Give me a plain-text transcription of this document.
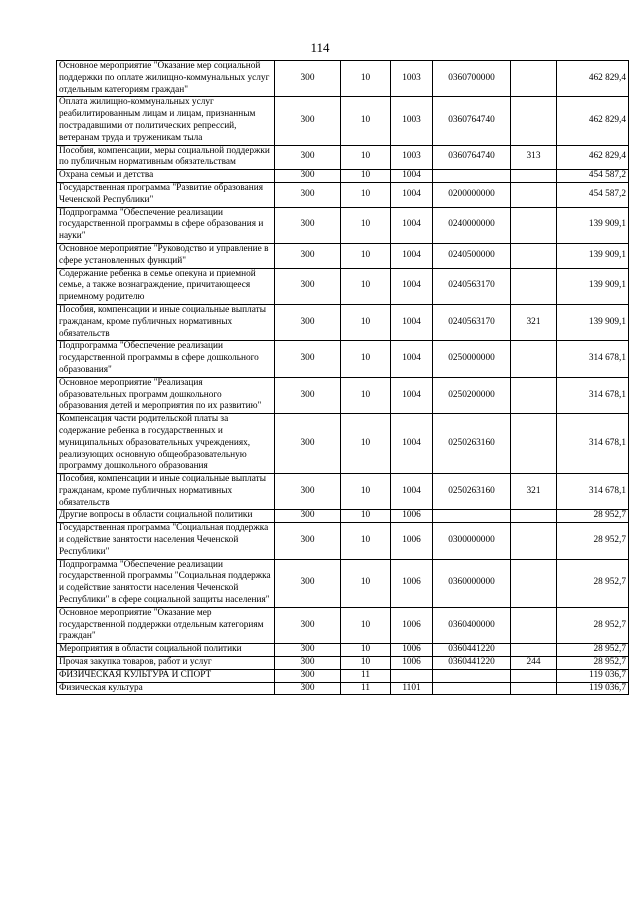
114
Основное мероприятие "Оказание мер социальной поддержки по оплате жилищно-коммунальных услуг отдельным категориям граждан"	300	10	1003	0360700000		462 829,4
Оплата жилищно-коммунальных услуг реабилитированным лицам и лицам, признанным пострадавшими от политических репрессий, ветеранам труда и труженикам тыла	300	10	1003	0360764740		462 829,4
Пособия, компенсации, меры социальной поддержки по публичным нормативным обязательствам	300	10	1003	0360764740	313	462 829,4
Охрана семьи и детства	300	10	1004			454 587,2
Государственная программа "Развитие образования Чеченской Республики"	300	10	1004	0200000000		454 587,2
Подпрограмма "Обеспечение реализации государственной программы в сфере образования и науки"	300	10	1004	0240000000		139 909,1
Основное мероприятие "Руководство и управление в сфере установленных функций"	300	10	1004	0240500000		139 909,1
Содержание ребенка в семье опекуна и приемной семье, а также вознаграждение, причитающееся приемному родителю	300	10	1004	0240563170		139 909,1
Пособия, компенсации и иные социальные выплаты гражданам, кроме публичных нормативных обязательств	300	10	1004	0240563170	321	139 909,1
Подпрограмма "Обеспечение реализации государственной программы в сфере дошкольного образования"	300	10	1004	0250000000		314 678,1
Основное мероприятие "Реализация образовательных программ дошкольного образования детей и мероприятия по их развитию"	300	10	1004	0250200000		314 678,1
Компенсация части родительской платы за содержание ребенка в государственных и муниципальных образовательных учреждениях, реализующих основную общеобразовательную программу дошкольного образования	300	10	1004	0250263160		314 678,1
Пособия, компенсации и иные социальные выплаты гражданам, кроме публичных нормативных обязательств	300	10	1004	0250263160	321	314 678,1
Другие вопросы в области социальной политики	300	10	1006			28 952,7
Государственная программа "Социальная поддержка и содействие занятости населения Чеченской Республики"	300	10	1006	0300000000		28 952,7
Подпрограмма "Обеспечение реализации государственной программы "Социальная поддержка и содействие занятости населения Чеченской Республики" в сфере социальной защиты населения"	300	10	1006	0360000000		28 952,7
Основное мероприятие "Оказание мер государственной поддержки отдельным категориям граждан"	300	10	1006	0360400000		28 952,7
Мероприятия в области социальной политики	300	10	1006	0360441220		28 952,7
Прочая закупка товаров, работ и услуг	300	10	1006	0360441220	244	28 952,7
ФИЗИЧЕСКАЯ КУЛЬТУРА И СПОРТ	300	11				119 036,7
Физическая культура	300	11	1101			119 036,7
